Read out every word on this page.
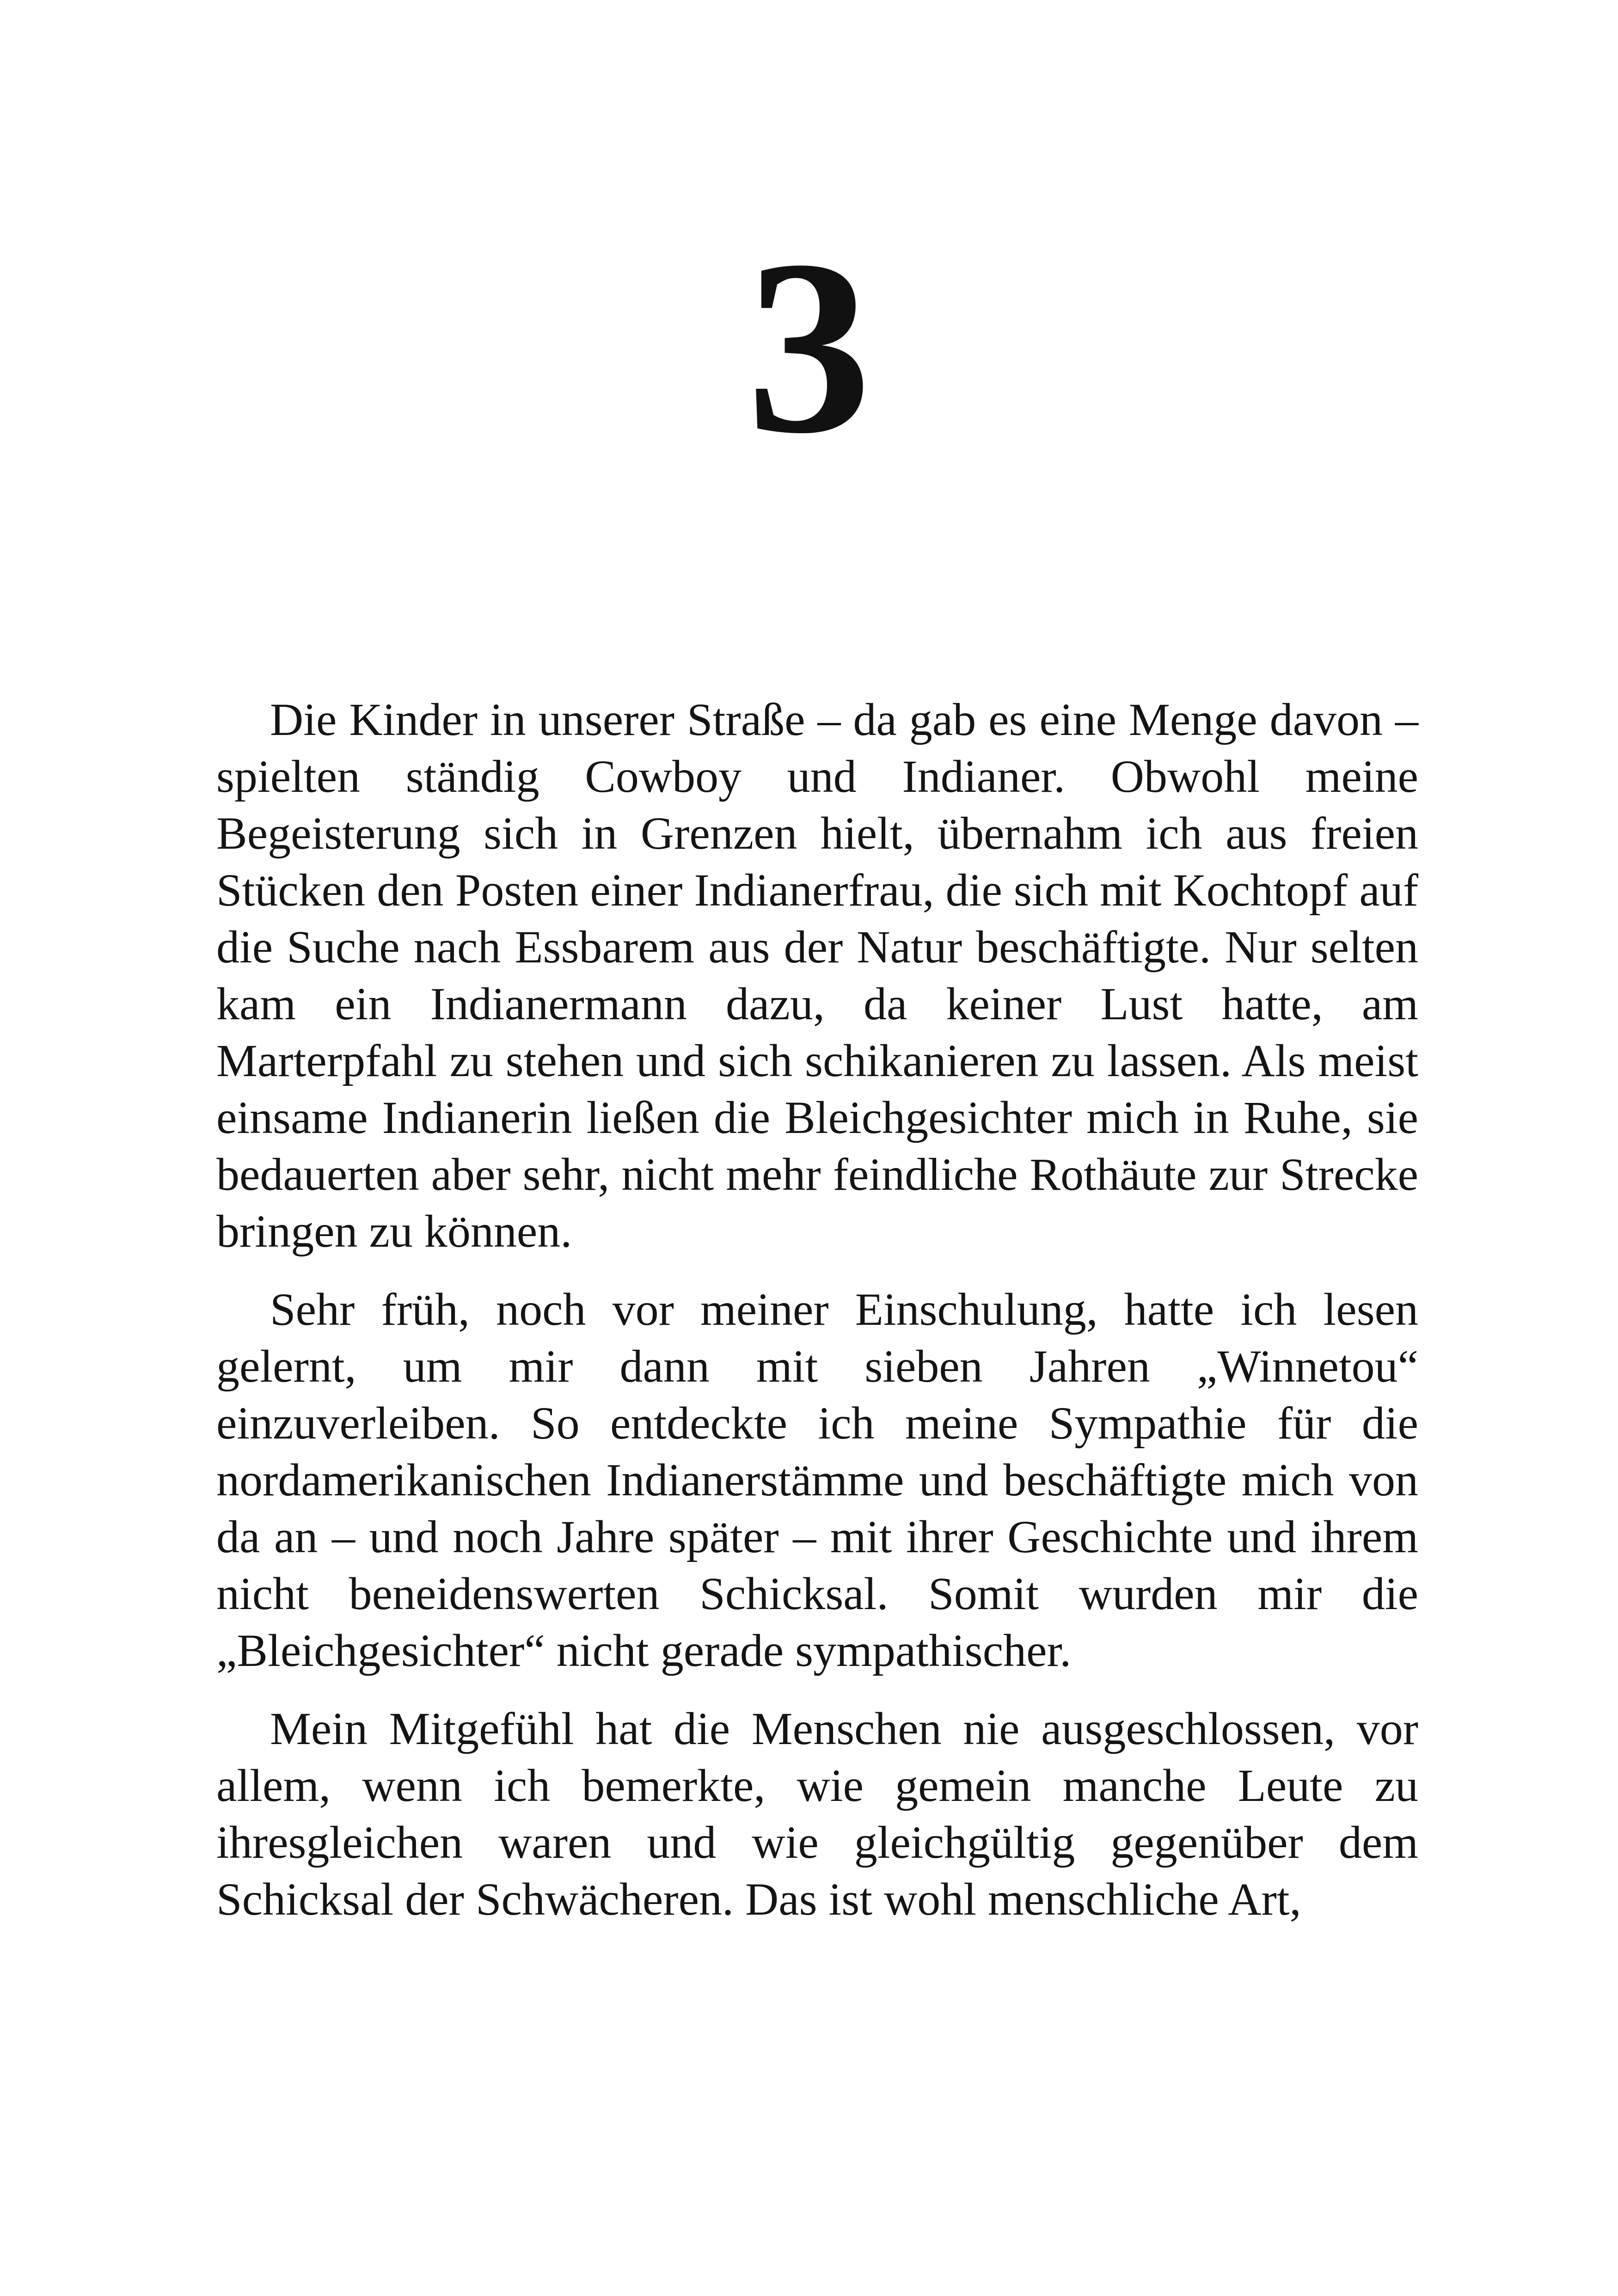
3

Die Kinder in unserer Straße – da gab es eine Menge davon – spielten ständig Cowboy und Indianer. Obwohl meine Begeisterung sich in Grenzen hielt, übernahm ich aus freien Stücken den Posten einer Indianerfrau, die sich mit Kochtopf auf die Suche nach Essbarem aus der Natur beschäftigte. Nur selten kam ein Indianermann dazu, da keiner Lust hatte, am Marterpfahl zu stehen und sich schikanieren zu lassen. Als meist einsame Indianerin ließen die Bleichgesichter mich in Ruhe, sie bedauerten aber sehr, nicht mehr feindliche Rothäute zur Strecke bringen zu können.

Sehr früh, noch vor meiner Einschulung, hatte ich lesen gelernt, um mir dann mit sieben Jahren „Winnetou“ einzuverleiben. So entdeckte ich meine Sympathie für die nordamerikanischen Indianerstämme und beschäftigte mich von da an – und noch Jahre später – mit ihrer Geschichte und ihrem nicht beneidenswerten Schicksal. Somit wurden mir die „Bleichgesichter“ nicht gerade sympathischer.

Mein Mitgefühl hat die Menschen nie ausgeschlossen, vor allem, wenn ich bemerkte, wie gemein manche Leute zu ihresgleichen waren und wie gleichgültig gegenüber dem Schicksal der Schwächeren. Das ist wohl menschliche Art,
